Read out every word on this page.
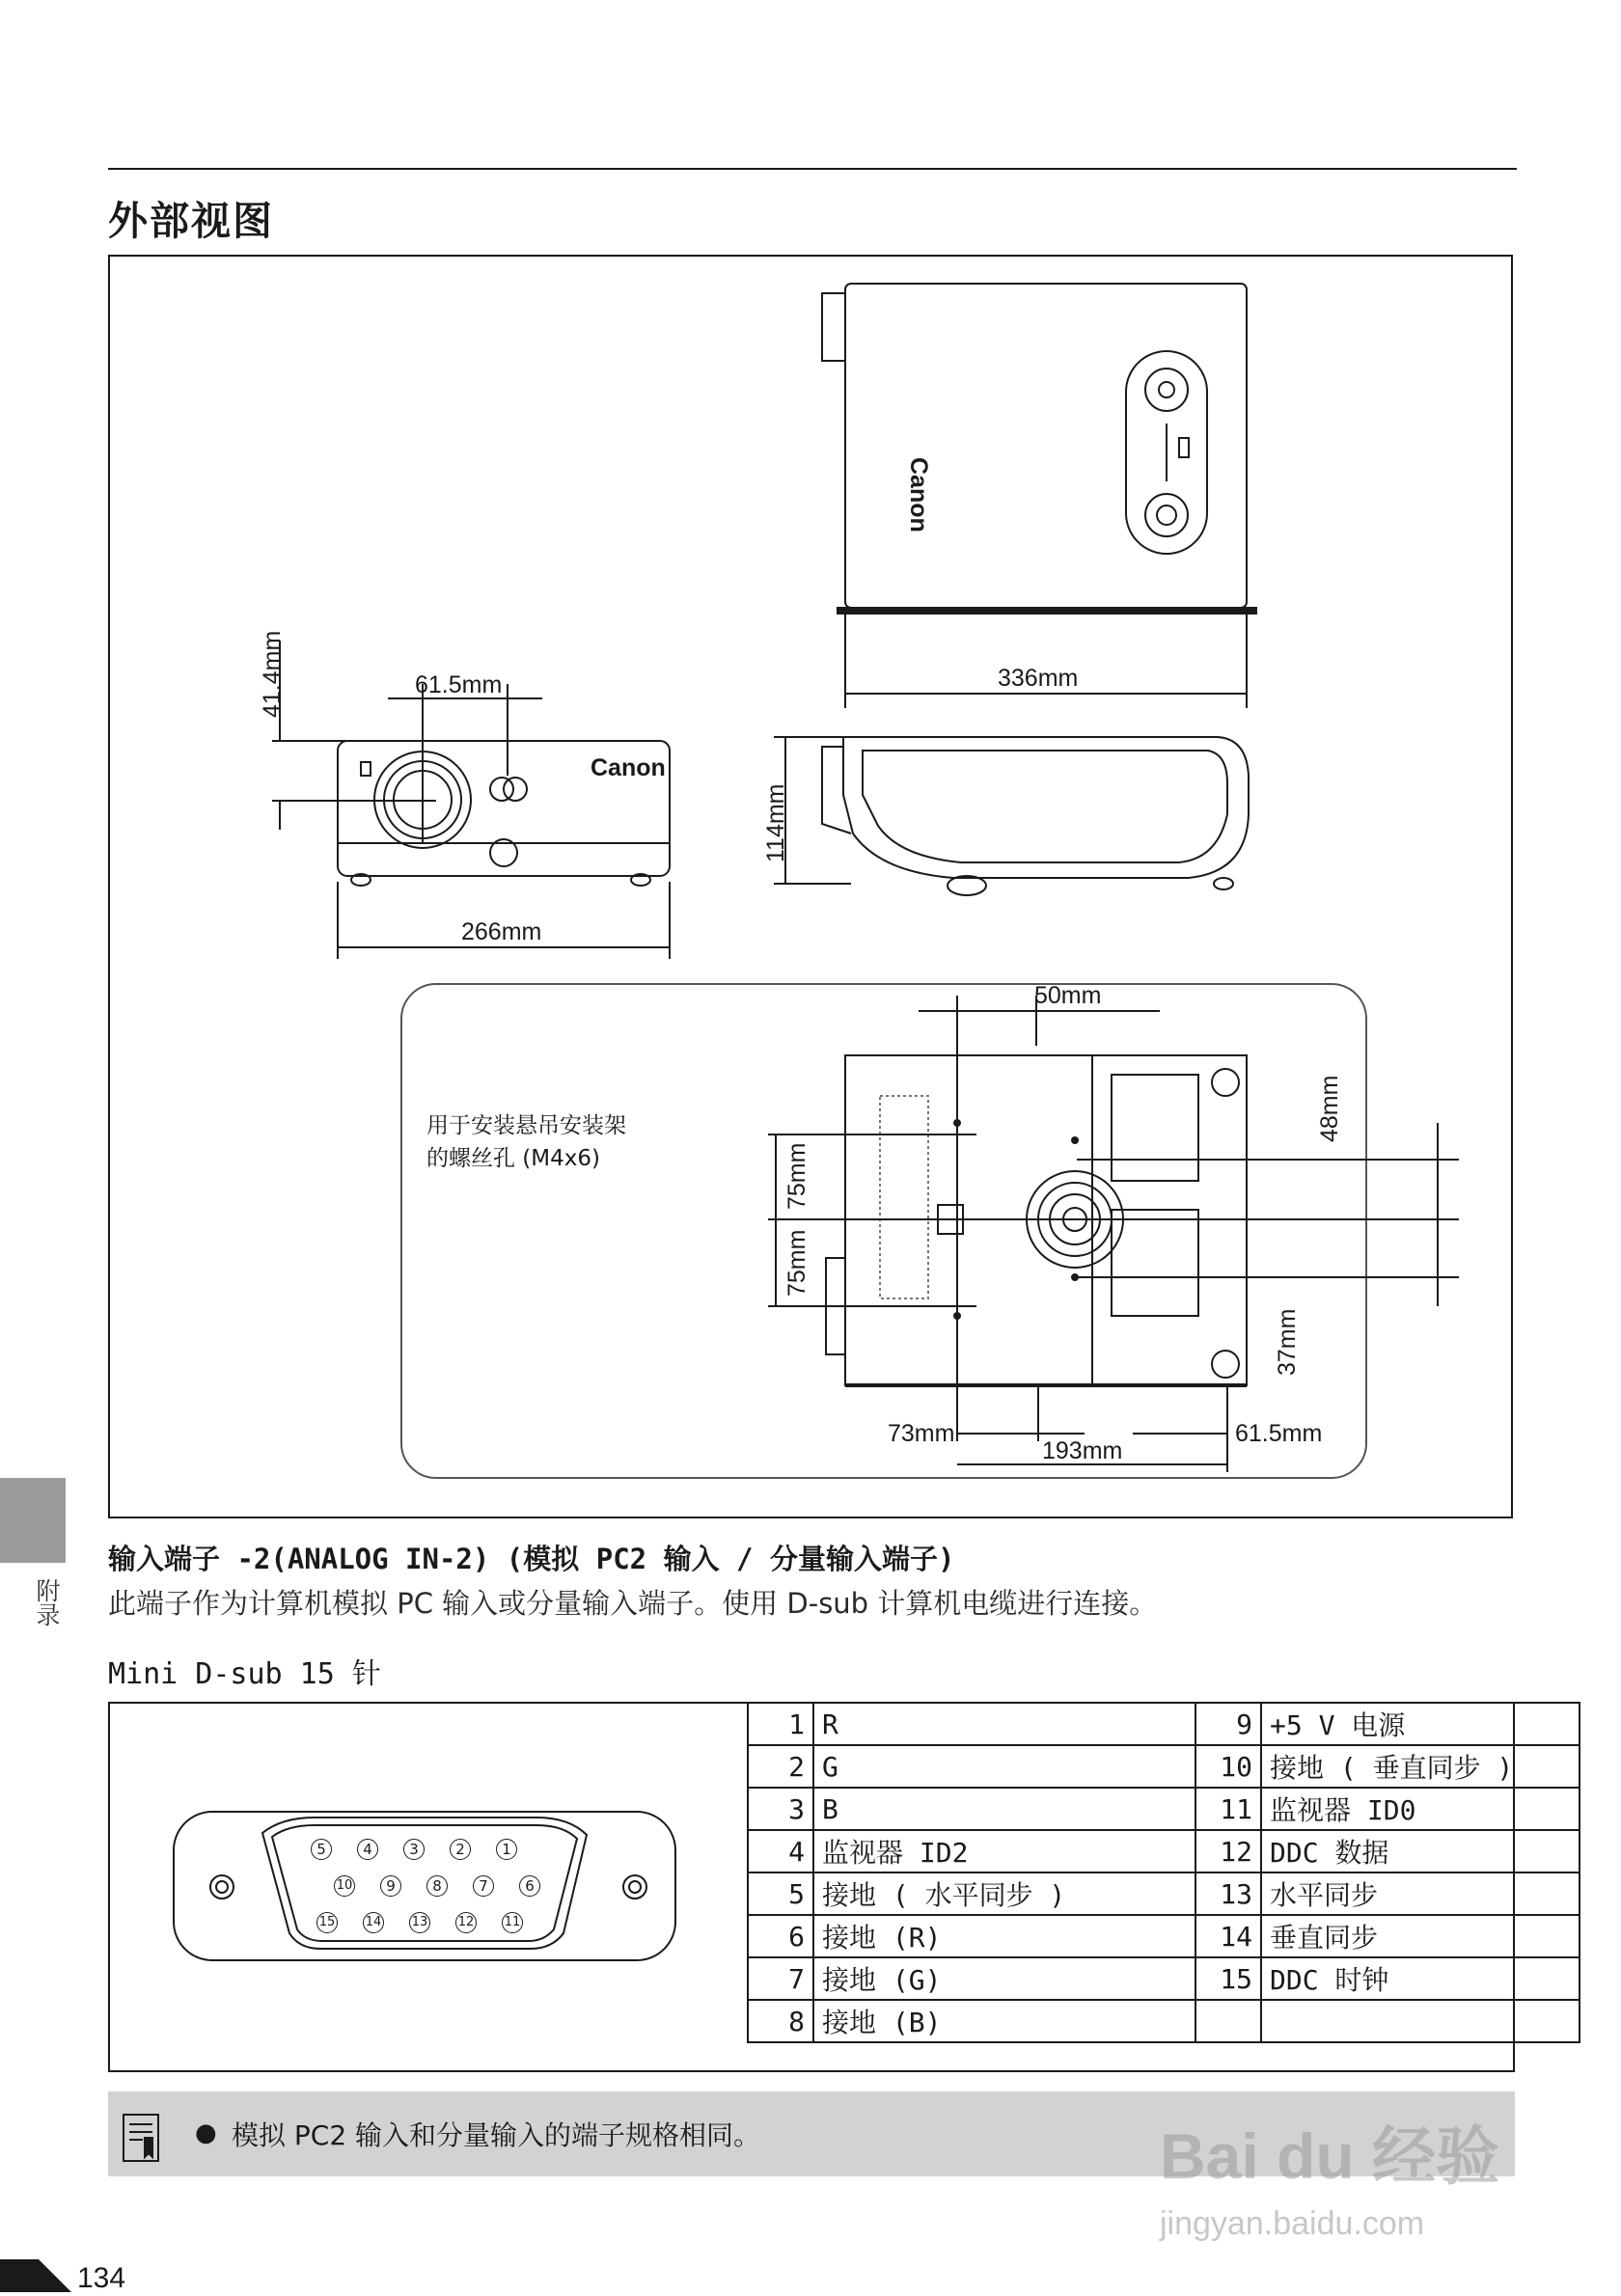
外部视图
Canon
336mm
Canon
61.5mm
41.4mm
266mm
114mm
50mm
75mm
75mm
48mm
37mm
73mm	61.5mm
193mm
用于安装悬吊安装架
的螺丝孔 (M4x6)
输入端子 -2(ANALOG IN-2) (模拟 PC2 输入 / 分量输入端子)
此端子作为计算机模拟 PC 输入或分量输入端子。使用 D-sub 计算机电缆进行连接。
Mini D-sub 15 针
5	4	3	2	1
10	9	8	7	6
15 14 13 12 11
1	R	9	+5 V 电源
2	G	10	接地 ( 垂直同步 )
3	B	11	监视器 ID0
4	监视器 ID2	12	DDC 数据
5	接地 ( 水平同步 )	13	水平同步
6	接地 (R)	14	垂直同步
7	接地 (G)	15	DDC 时钟
8	接地 (B)		
● 模拟 PC2 输入和分量输入的端子规格相同。
附录
134
Bai du 经验
jingyan.baidu.com
